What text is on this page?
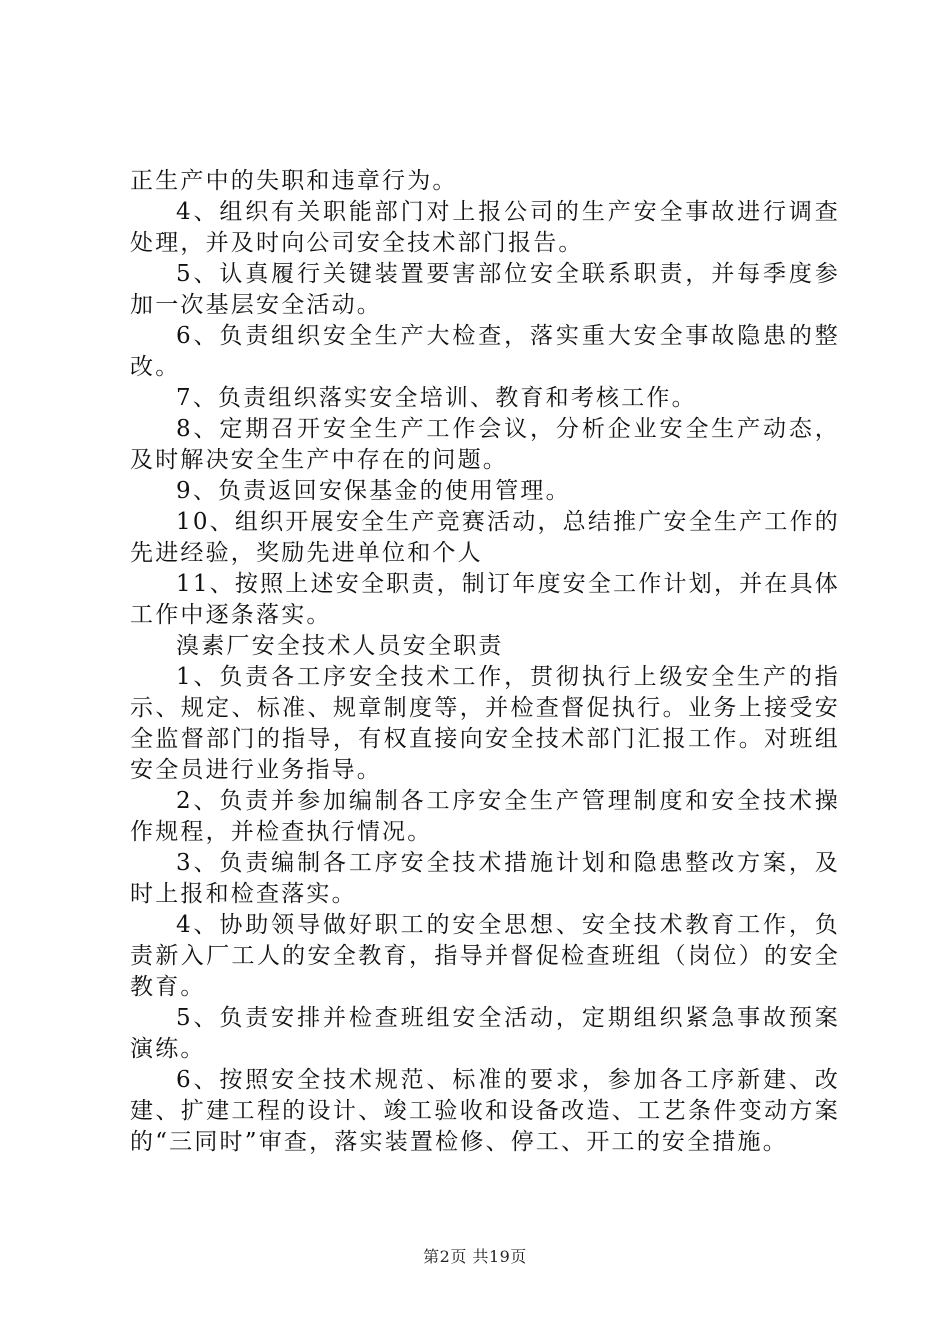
正生产中的失职和违章行为。

4、组织有关职能部门对上报公司的生产安全事故进行调查处理，并及时向公司安全技术部门报告。

5、认真履行关键装置要害部位安全联系职责，并每季度参加一次基层安全活动。

6、负责组织安全生产大检查，落实重大安全事故隐患的整改。

7、负责组织落实安全培训、教育和考核工作。

8、定期召开安全生产工作会议，分析企业安全生产动态，及时解决安全生产中存在的问题。

9、负责返回安保基金的使用管理。

10、组织开展安全生产竞赛活动，总结推广安全生产工作的先进经验，奖励先进单位和个人

11、按照上述安全职责，制订年度安全工作计划，并在具体工作中逐条落实。

溴素厂安全技术人员安全职责

1、负责各工序安全技术工作，贯彻执行上级安全生产的指示、规定、标准、规章制度等，并检查督促执行。业务上接受安全监督部门的指导，有权直接向安全技术部门汇报工作。对班组安全员进行业务指导。

2、负责并参加编制各工序安全生产管理制度和安全技术操作规程，并检查执行情况。

3、负责编制各工序安全技术措施计划和隐患整改方案，及时上报和检查落实。

4、协助领导做好职工的安全思想、安全技术教育工作，负责新入厂工人的安全教育，指导并督促检查班组（岗位）的安全教育。

5、负责安排并检查班组安全活动，定期组织紧急事故预案演练。

6、按照安全技术规范、标准的要求，参加各工序新建、改建、扩建工程的设计、竣工验收和设备改造、工艺条件变动方案的“三同时”审查，落实装置检修、停工、开工的安全措施。

第2页 共19页
